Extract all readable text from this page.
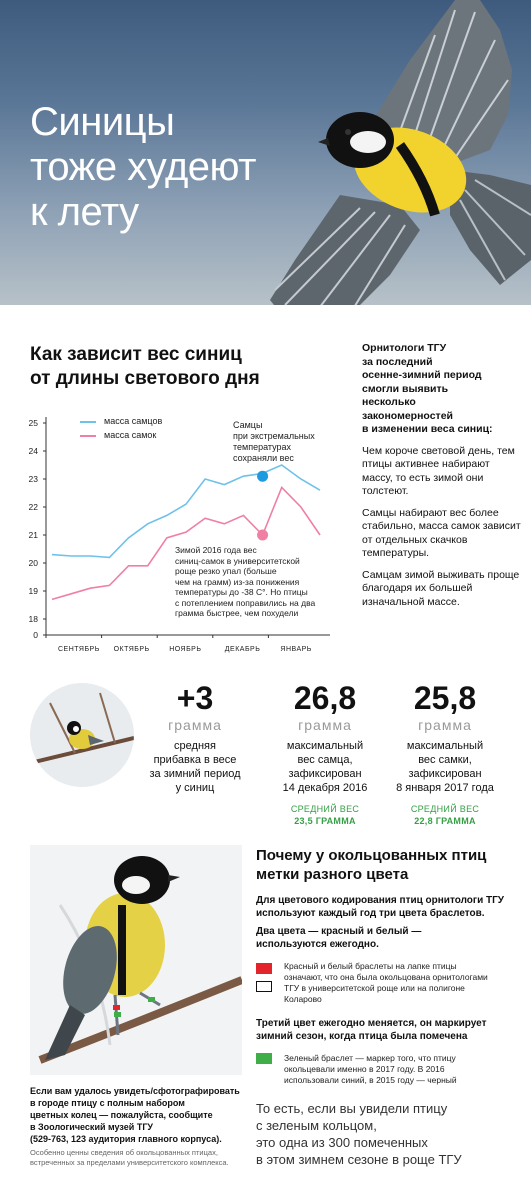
Синицы
тоже худеют
к лету
Как зависит вес синиц
от длины светового дня
0
18
19
20
21
22
23
24
25
СЕНТЯБРЬ ОКТЯБРЬ	НОЯБРЬ	ДЕКАБРЬ	ЯНВАРЬ
масса самцов
масса самок
Самцы
при экстремальных
температурах
сохраняли вес
Зимой 2016 года вес
синиц-самок в университетской
роще резко упал (больше
чем на грамм) из-за понижения
температуры до -38 С°. Но птицы
с потеплением поправились на два
грамма быстрее, чем похудели
Орнитологи ТГУ
за последний
осенне-зимний период
смогли выявить
несколько
закономерностей
в изменении веса синиц:

Чем короче световой день, тем птицы активнее набирают массу, то есть зимой они толстеют.

Самцы набирают вес более стабильно, масса самок зависит от отдельных скачков температуры.

Самцам зимой выживать проще благодаря их большей изначальной массе.

+3
грамма
средняя
прибавка в весе
за зимний период
у синиц
26,8
грамма
максимальный
вес самца,
зафиксирован
14 декабря 2016
СРЕДНИЙ ВЕС
23,5 ГРАММА
25,8
грамма
максимальный
вес самки,
зафиксирован
8 января 2017 года
СРЕДНИЙ ВЕС
22,8 ГРАММА
Почему у окольцованных птиц
метки разного цвета
Для цветового кодирования птиц орнитологи ТГУ используют каждый год три цвета браслетов.
Два цвета — красный и белый — используются ежегодно.

Красный и белый браслеты на лапке птицы означают, что она была окольцована орнитологами ТГУ в университетской роще или на полигоне Коларово
Третий цвет ежегодно меняется, он маркирует зимний сезон, когда птица была помечена
Зеленый браслет — маркер того, что птицу окольцевали именно в 2017 году. В 2016 использовали синий, в 2015 году — черный
Если вам удалось увидеть/сфотографировать
в городе птицу с полным набором
цветных колец — пожалуйста, сообщите
в Зоологический музей ТГУ
(529-763, 123 аудитория главного корпуса).
Особенно ценны сведения об окольцованных птицах,
встреченных за пределами университетского комплекса.
То есть, если вы увидели птицу
с зеленым кольцом,
это одна из 300 помеченных
в этом зимнем сезоне в роще ТГУ
